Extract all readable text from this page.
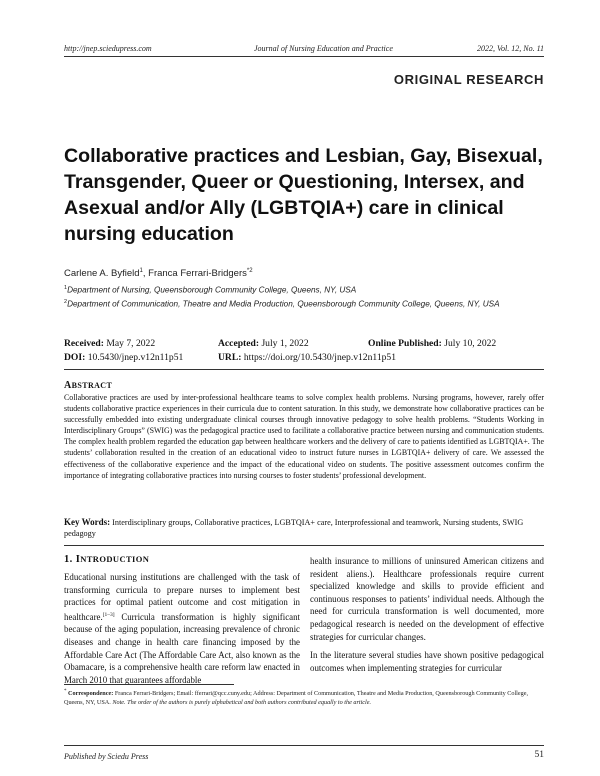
http://jnep.sciedupress.com	Journal of Nursing Education and Practice	2022, Vol. 12, No. 11
ORIGINAL RESEARCH
Collaborative practices and Lesbian, Gay, Bisexual, Transgender, Queer or Questioning, Intersex, and Asexual and/or Ally (LGBTQIA+) care in clinical nursing education
Carlene A. Byfield$^1$, Franca Ferrari-Bridgers$^{*2}$
$^1$Department of Nursing, Queensborough Community College, Queens, NY, USA
$^2$Department of Communication, Theatre and Media Production, Queensborough Community College, Queens, NY, USA
Received: May 7, 2022	Accepted: July 1, 2022	Online Published: July 10, 2022
DOI: 10.5430/jnep.v12n11p51	URL: https://doi.org/10.5430/jnep.v12n11p51
ABSTRACT

Collaborative practices are used by inter-professional healthcare teams to solve complex health problems. Nursing programs, however, rarely offer students collaborative practice experiences in their curricula due to content saturation. In this study, we demonstrate how collaborative practices can be successfully embedded into existing undergraduate clinical courses through innovative pedagogy to solve health problems. “Students Working in Interdisciplinary Groups” (SWIG) was the pedagogical practice used to facilitate a collaborative practice between nursing and communication students. The complex health problem regarded the education gap between healthcare workers and the delivery of care to patients identified as LGBTQIA+. The students’ collaboration resulted in the creation of an educational video to instruct future nurses in LGBTQIA+ delivery of care. We assessed the effectiveness of the collaborative experience and the impact of the educational video on students. The positive assessment outcomes confirm the importance of integrating collaborative practices into nursing courses to foster students’ professional development.

Key Words: Interdisciplinary groups, Collaborative practices, LGBTQIA+ care, Interprofessional and teamwork, Nursing students, SWIG pedagogy

1. INTRODUCTION

Educational nursing institutions are challenged with the task of transforming curricula to prepare nurses to implement best practices for optimal patient outcome and cost mitigation in healthcare.[1–3] Curricula transformation is highly significant because of the aging population, increasing prevalence of chronic diseases and change in health care financing imposed by the Affordable Care Act (The Affordable Care Act, also known as the Obamacare, is a comprehensive health care reform law enacted in March 2010 that guarantees affordable

health insurance to millions of uninsured American citizens and resident aliens.). Healthcare professionals require current specialized knowledge and skills to provide efficient and continuous responses to patients’ individual needs. Although the need for curricula transformation is well documented, more pedagogical research is needed on the development of effective strategies for curricular changes.

In the literature several studies have shown positive pedagogical outcomes when implementing strategies for curricular

* Correspondence: Franca Ferrari-Bridgers; Email: fferrari@qcc.cuny.edu; Address: Department of Communication, Theatre and Media Production, Queensborough Community College, Queens, NY, USA. Note. The order of the authors is purely alphabetical and both authors contributed equally to the article.

Published by Sciedu Press	51
